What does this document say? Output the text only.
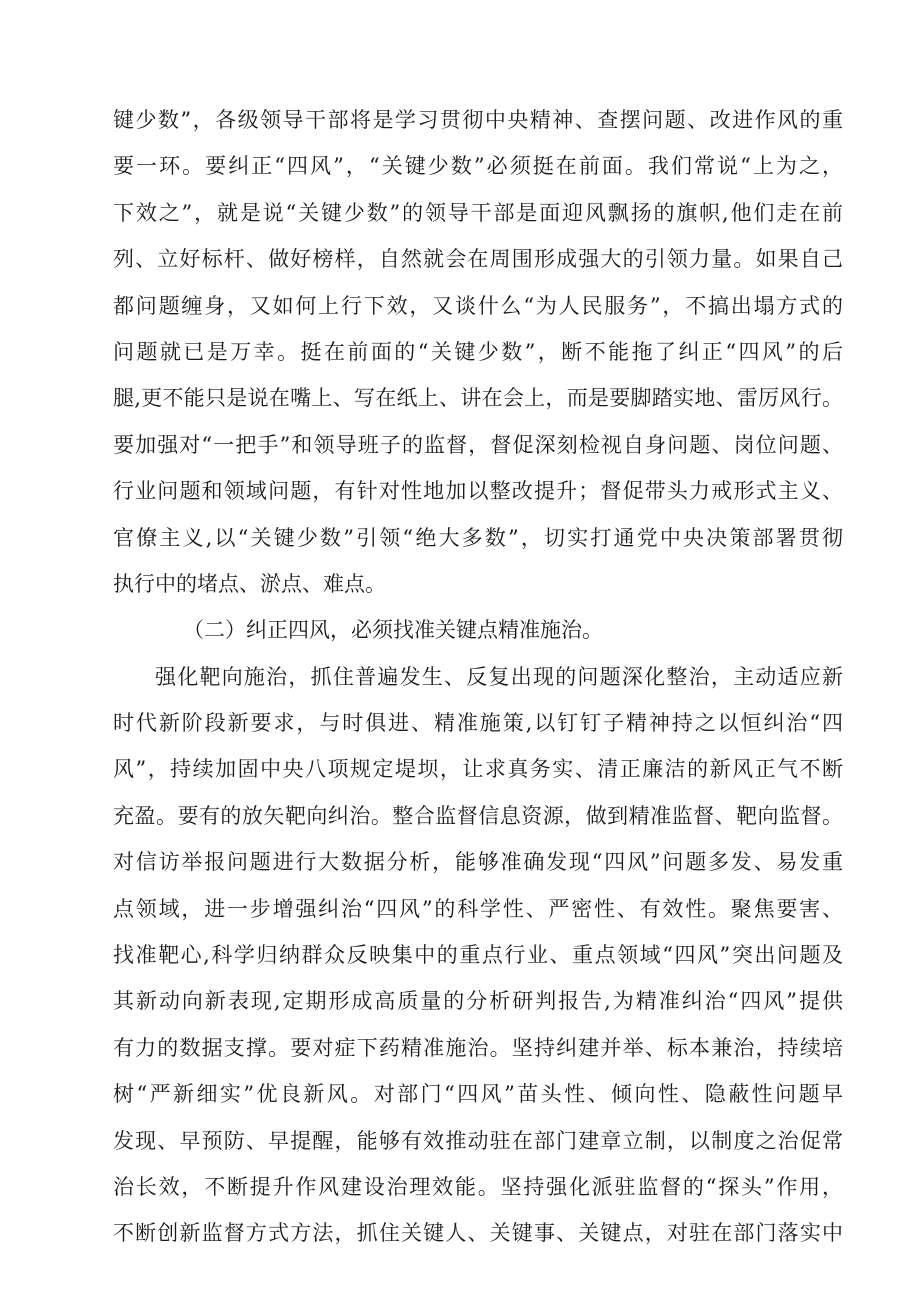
键少数”，各级领导干部将是学习贯彻中央精神、查摆问题、改进作风的重
要一环。要纠正“四风”，“关键少数”必须挺在前面。我们常说“上为之，
下效之”，就是说“关键少数”的领导干部是面迎风飘扬的旗帜,他们走在前
列、立好标杆、做好榜样，自然就会在周围形成强大的引领力量。如果自己
都问题缠身，又如何上行下效，又谈什么“为人民服务”，不搞出塌方式的
问题就已是万幸。挺在前面的“关键少数”，断不能拖了纠正“四风”的后
腿,更不能只是说在嘴上、写在纸上、讲在会上，而是要脚踏实地、雷厉风行。
要加强对“一把手”和领导班子的监督，督促深刻检视自身问题、岗位问题、
行业问题和领域问题，有针对性地加以整改提升；督促带头力戒形式主义、
官僚主义,以“关键少数”引领“绝大多数”，切实打通党中央决策部署贯彻
执行中的堵点、淤点、难点。
（二）纠正四风，必须找准关键点精准施治。
强化靶向施治，抓住普遍发生、反复出现的问题深化整治，主动适应新
时代新阶段新要求，与时俱进、精准施策,以钉钉子精神持之以恒纠治“四
风”，持续加固中央八项规定堤坝，让求真务实、清正廉洁的新风正气不断
充盈。要有的放矢靶向纠治。整合监督信息资源，做到精准监督、靶向监督。
对信访举报问题进行大数据分析，能够准确发现“四风”问题多发、易发重
点领域，进一步增强纠治“四风”的科学性、严密性、有效性。聚焦要害、
找准靶心,科学归纳群众反映集中的重点行业、重点领域“四风”突出问题及
其新动向新表现,定期形成高质量的分析研判报告,为精准纠治“四风”提供
有力的数据支撑。要对症下药精准施治。坚持纠建并举、标本兼治，持续培
树“严新细实”优良新风。对部门“四风”苗头性、倾向性、隐蔽性问题早
发现、早预防、早提醒，能够有效推动驻在部门建章立制，以制度之治促常
治长效，不断提升作风建设治理效能。坚持强化派驻监督的“探头”作用，
不断创新监督方式方法，抓住关键人、关键事、关键点，对驻在部门落实中
